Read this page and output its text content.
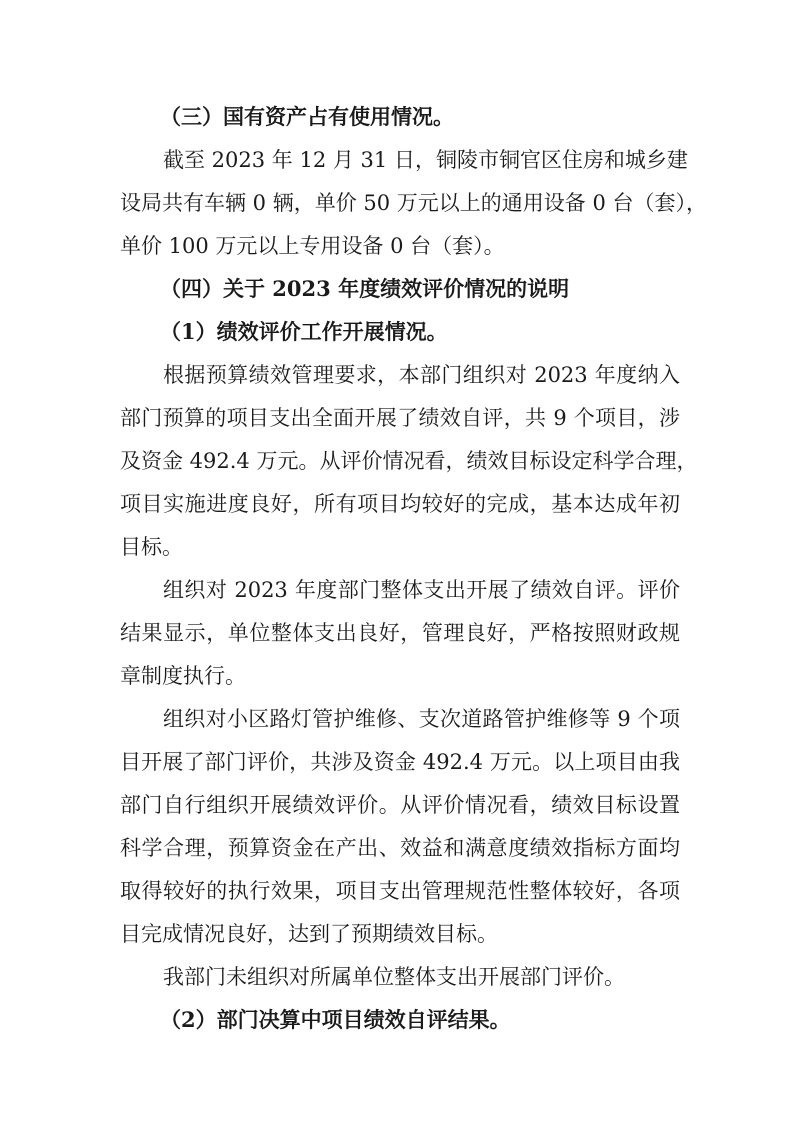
（三）国有资产占有使用情况。
截至 2023 年 12 月 31 日，铜陵市铜官区住房和城乡建
设局共有车辆 0 辆，单价 50 万元以上的通用设备 0 台（套），
单价 100 万元以上专用设备 0 台（套）。
（四）关于 2023 年度绩效评价情况的说明
（1）绩效评价工作开展情况。
根据预算绩效管理要求，本部门组织对 2023 年度纳入
部门预算的项目支出全面开展了绩效自评，共 9 个项目，涉
及资金 492.4 万元。从评价情况看，绩效目标设定科学合理，
项目实施进度良好，所有项目均较好的完成，基本达成年初
目标。
组织对 2023 年度部门整体支出开展了绩效自评。评价
结果显示，单位整体支出良好，管理良好，严格按照财政规
章制度执行。
组织对小区路灯管护维修、支次道路管护维修等 9 个项
目开展了部门评价，共涉及资金 492.4 万元。以上项目由我
部门自行组织开展绩效评价。从评价情况看，绩效目标设置
科学合理，预算资金在产出、效益和满意度绩效指标方面均
取得较好的执行效果，项目支出管理规范性整体较好，各项
目完成情况良好，达到了预期绩效目标。
我部门未组织对所属单位整体支出开展部门评价。
（2）部门决算中项目绩效自评结果。
